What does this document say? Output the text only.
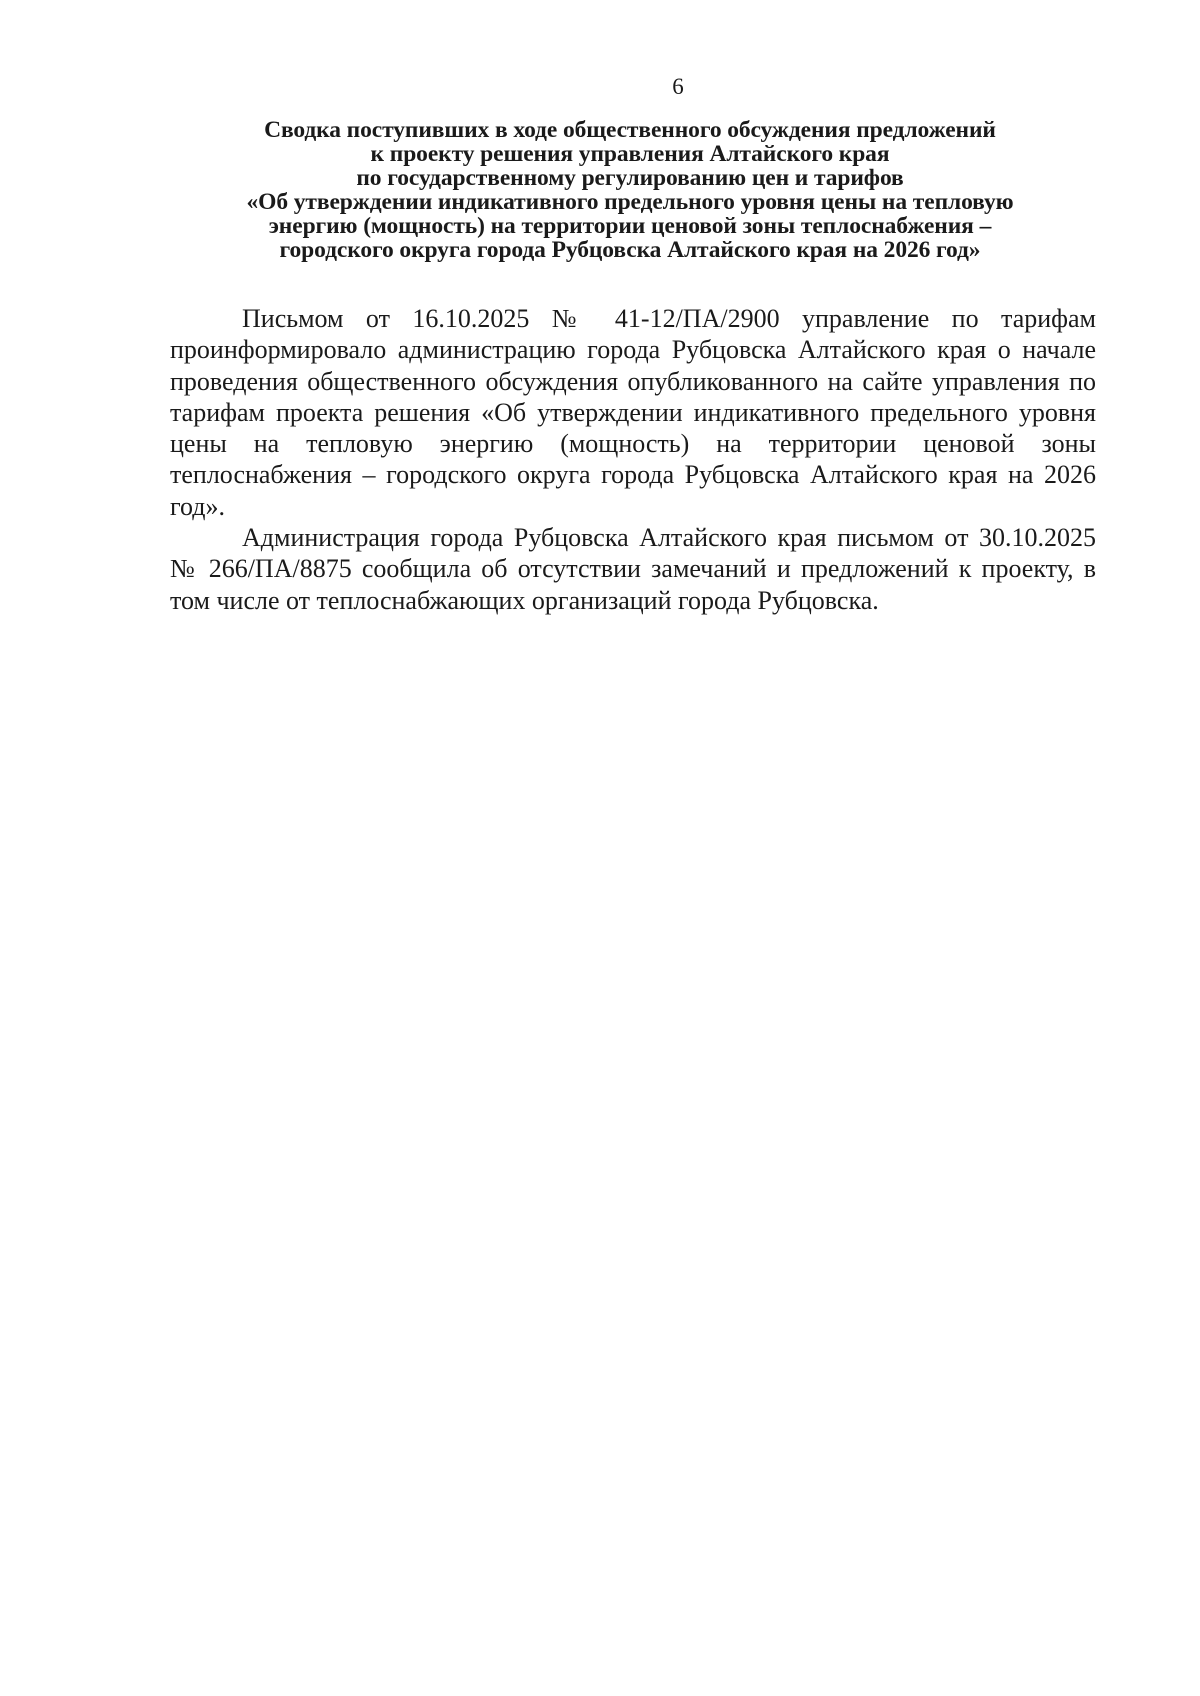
6
Сводка поступивших в ходе общественного обсуждения предложений
к проекту решения управления Алтайского края
по государственному регулированию цен и тарифов
«Об утверждении индикативного предельного уровня цены на тепловую
энергию (мощность) на территории ценовой зоны теплоснабжения –
городского округа города Рубцовска Алтайского края на 2026 год»

Письмом от 16.10.2025 № 41-12/ПА/2900 управление по тарифам проинформировало администрацию города Рубцовска Алтайского края о начале проведения общественного обсуждения опубликованного на сайте управления по тарифам проекта решения «Об утверждении индикативного предельного уровня цены на тепловую энергию (мощность) на территории ценовой зоны теплоснабжения – городского округа города Рубцовска Алтайского края на 2026 год».

Администрация города Рубцовска Алтайского края письмом от 30.10.2025 № 266/ПА/8875 сообщила об отсутствии замечаний и предложений к проекту, в том числе от теплоснабжающих организаций города Рубцовска.
